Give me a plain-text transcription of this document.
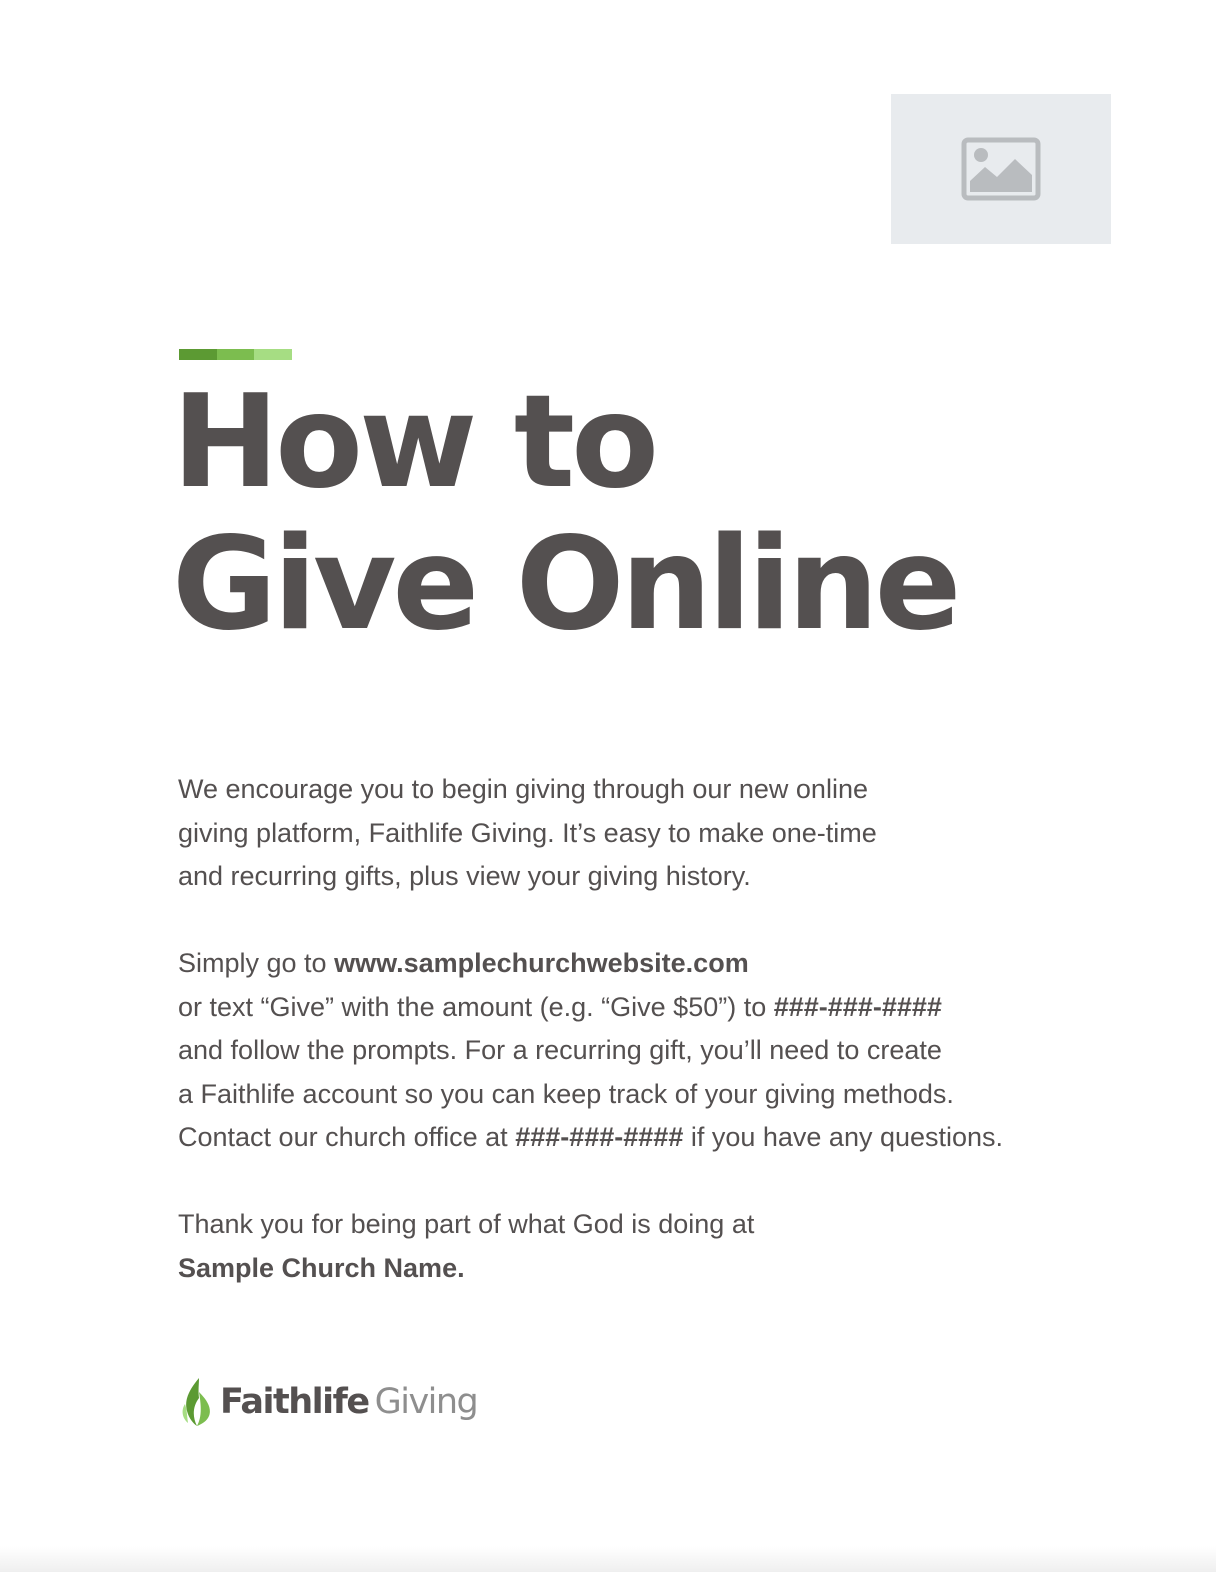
How to
Give Online

We encourage you to begin giving through our new online
giving platform, Faithlife Giving. It’s easy to make one-time
and recurring gifts, plus view your giving history.

Simply go to www.samplechurchwebsite.com
or text “Give” with the amount (e.g. “Give $50”) to ###-###-####
and follow the prompts. For a recurring gift, you’ll need to create
a Faithlife account so you can keep track of your giving methods.
Contact our church office at ###-###-#### if you have any questions.

Thank you for being part of what God is doing at
Sample Church Name.

Faithlife Giving
